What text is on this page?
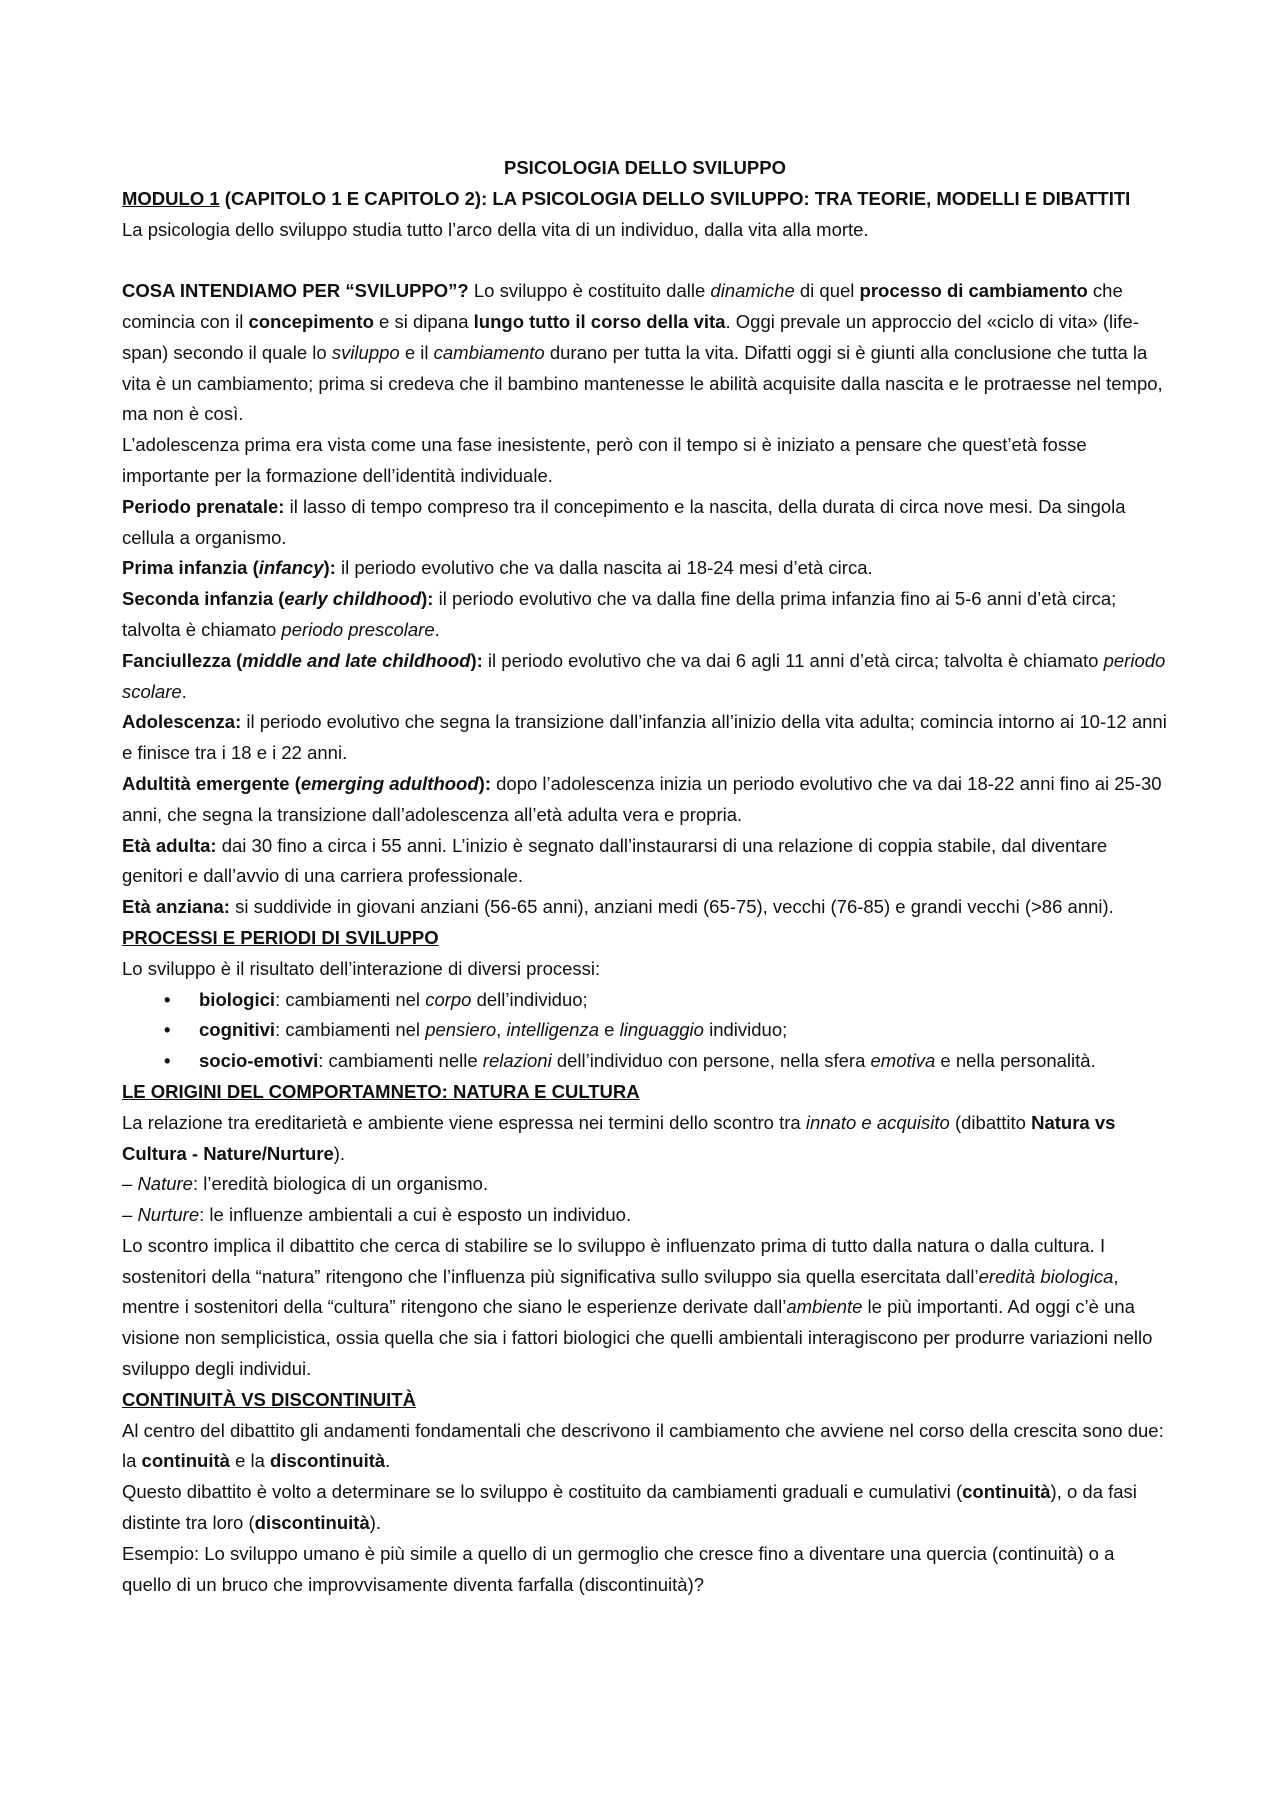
PSICOLOGIA DELLO SVILUPPO

MODULO 1 (CAPITOLO 1 E CAPITOLO 2): LA PSICOLOGIA DELLO SVILUPPO: TRA TEORIE, MODELLI E DIBATTITI

La psicologia dello sviluppo studia tutto l’arco della vita di un individuo, dalla vita alla morte.

COSA INTENDIAMO PER “SVILUPPO”? Lo sviluppo è costituito dalle dinamiche di quel processo di cambiamento che comincia con il concepimento e si dipana lungo tutto il corso della vita. Oggi prevale un approccio del «ciclo di vita» (life-span) secondo il quale lo sviluppo e il cambiamento durano per tutta la vita. Difatti oggi si è giunti alla conclusione che tutta la vita è un cambiamento; prima si credeva che il bambino mantenesse le abilità acquisite dalla nascita e le protraesse nel tempo, ma non è così.

L’adolescenza prima era vista come una fase inesistente, però con il tempo si è iniziato a pensare che quest’età fosse importante per la formazione dell’identità individuale.

Periodo prenatale: il lasso di tempo compreso tra il concepimento e la nascita, della durata di circa nove mesi. Da singola cellula a organismo.

Prima infanzia (infancy): il periodo evolutivo che va dalla nascita ai 18-24 mesi d’età circa.

Seconda infanzia (early childhood): il periodo evolutivo che va dalla fine della prima infanzia fino ai 5-6 anni d’età circa; talvolta è chiamato periodo prescolare.

Fanciullezza (middle and late childhood): il periodo evolutivo che va dai 6 agli 11 anni d’età circa; talvolta è chiamato periodo scolare.

Adolescenza: il periodo evolutivo che segna la transizione dall’infanzia all’inizio della vita adulta; comincia intorno ai 10-12 anni e finisce tra i 18 e i 22 anni.

Adultità emergente (emerging adulthood): dopo l’adolescenza inizia un periodo evolutivo che va dai 18-22 anni fino ai 25-30 anni, che segna la transizione dall’adolescenza all’età adulta vera e propria.

Età adulta: dai 30 fino a circa i 55 anni. L’inizio è segnato dall’instaurarsi di una relazione di coppia stabile, dal diventare genitori e dall’avvio di una carriera professionale.

Età anziana: si suddivide in giovani anziani (56-65 anni), anziani medi (65-75), vecchi (76-85) e grandi vecchi (>86 anni).

PROCESSI E PERIODI DI SVILUPPO

Lo sviluppo è il risultato dell’interazione di diversi processi:

• biologici: cambiamenti nel corpo dell’individuo;
• cognitivi: cambiamenti nel pensiero, intelligenza e linguaggio individuo;
• socio-emotivi: cambiamenti nelle relazioni dell’individuo con persone, nella sfera emotiva e nella personalità.

LE ORIGINI DEL COMPORTAMNETO: NATURA E CULTURA

La relazione tra ereditarietà e ambiente viene espressa nei termini dello scontro tra innato e acquisito (dibattito Natura vs Cultura - Nature/Nurture).

– Nature: l’eredità biologica di un organismo.

– Nurture: le influenze ambientali a cui è esposto un individuo.

Lo scontro implica il dibattito che cerca di stabilire se lo sviluppo è influenzato prima di tutto dalla natura o dalla cultura. I sostenitori della “natura” ritengono che l’influenza più significativa sullo sviluppo sia quella esercitata dall’eredità biologica, mentre i sostenitori della “cultura” ritengono che siano le esperienze derivate dall’ambiente le più importanti. Ad oggi c’è una visione non semplicistica, ossia quella che sia i fattori biologici che quelli ambientali interagiscono per produrre variazioni nello sviluppo degli individui.

CONTINUITÀ VS DISCONTINUITÀ

Al centro del dibattito gli andamenti fondamentali che descrivono il cambiamento che avviene nel corso della crescita sono due: la continuità e la discontinuità.

Questo dibattito è volto a determinare se lo sviluppo è costituito da cambiamenti graduali e cumulativi (continuità), o da fasi distinte tra loro (discontinuità).

Esempio: Lo sviluppo umano è più simile a quello di un germoglio che cresce fino a diventare una quercia (continuità) o a quello di un bruco che improvvisamente diventa farfalla (discontinuità)?
